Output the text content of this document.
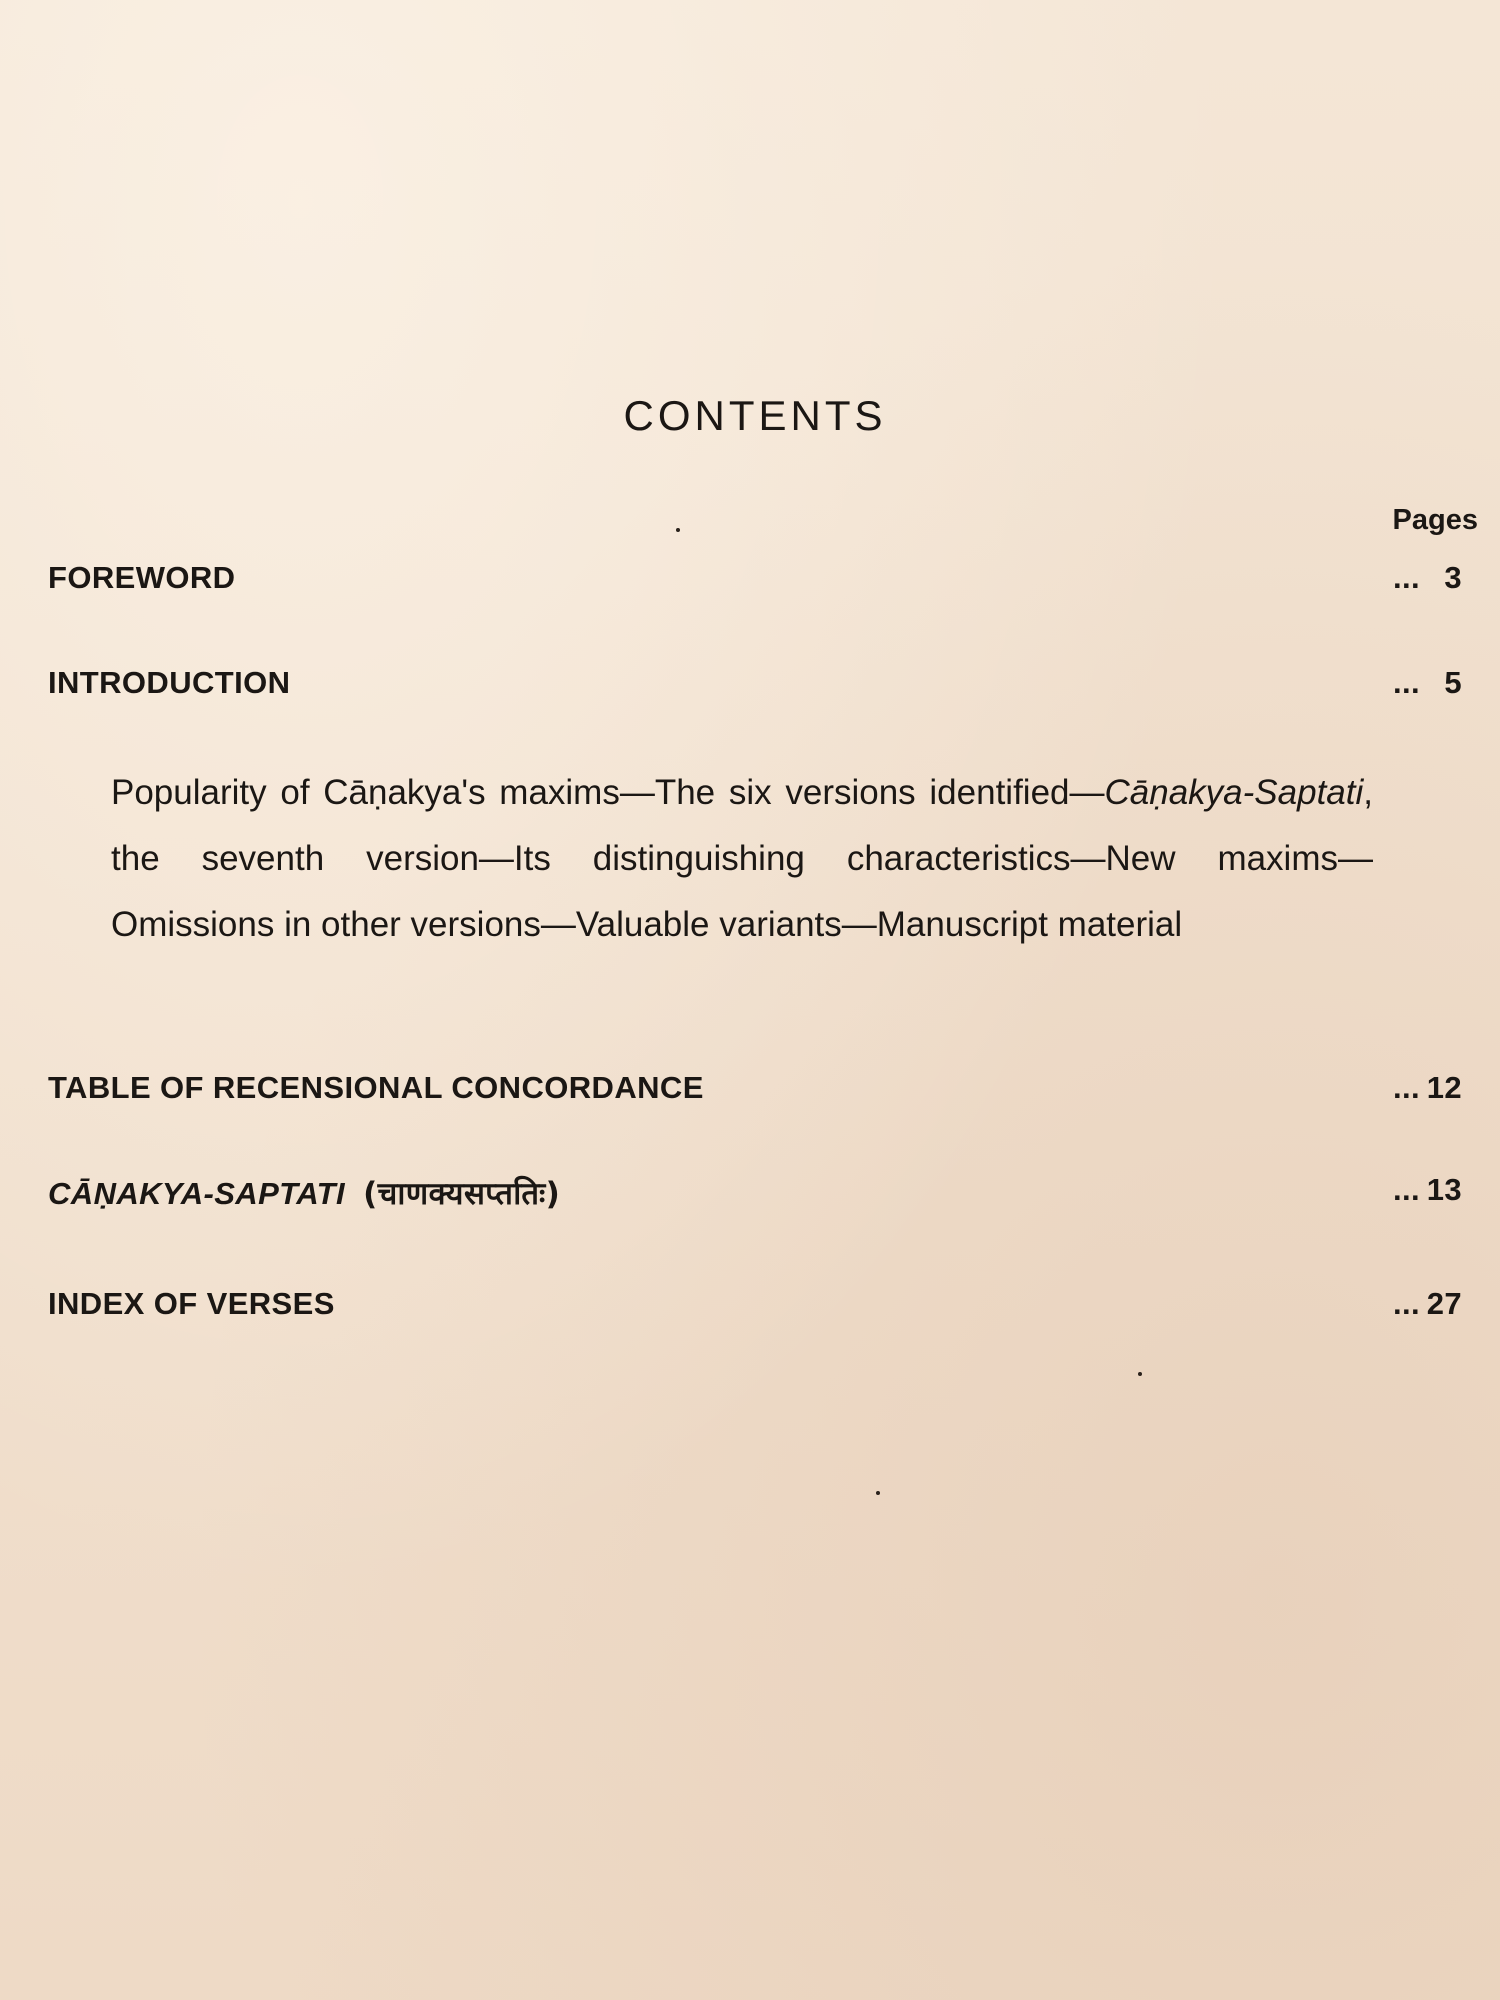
CONTENTS
Pages
FOREWORD	... 3
INTRODUCTION	... 5
Popularity of Cāṇakya's maxims—The six versions identified—Cāṇakya-Saptati, the seventh version—Its distinguishing characteristics—New maxims—Omissions in other versions—Valuable variants—Manuscript material
TABLE OF RECENSIONAL CONCORDANCE	... 12
CĀṆAKYA-SAPTATI (चाणक्यसप्ततिः)	... 13
INDEX OF VERSES	... 27
